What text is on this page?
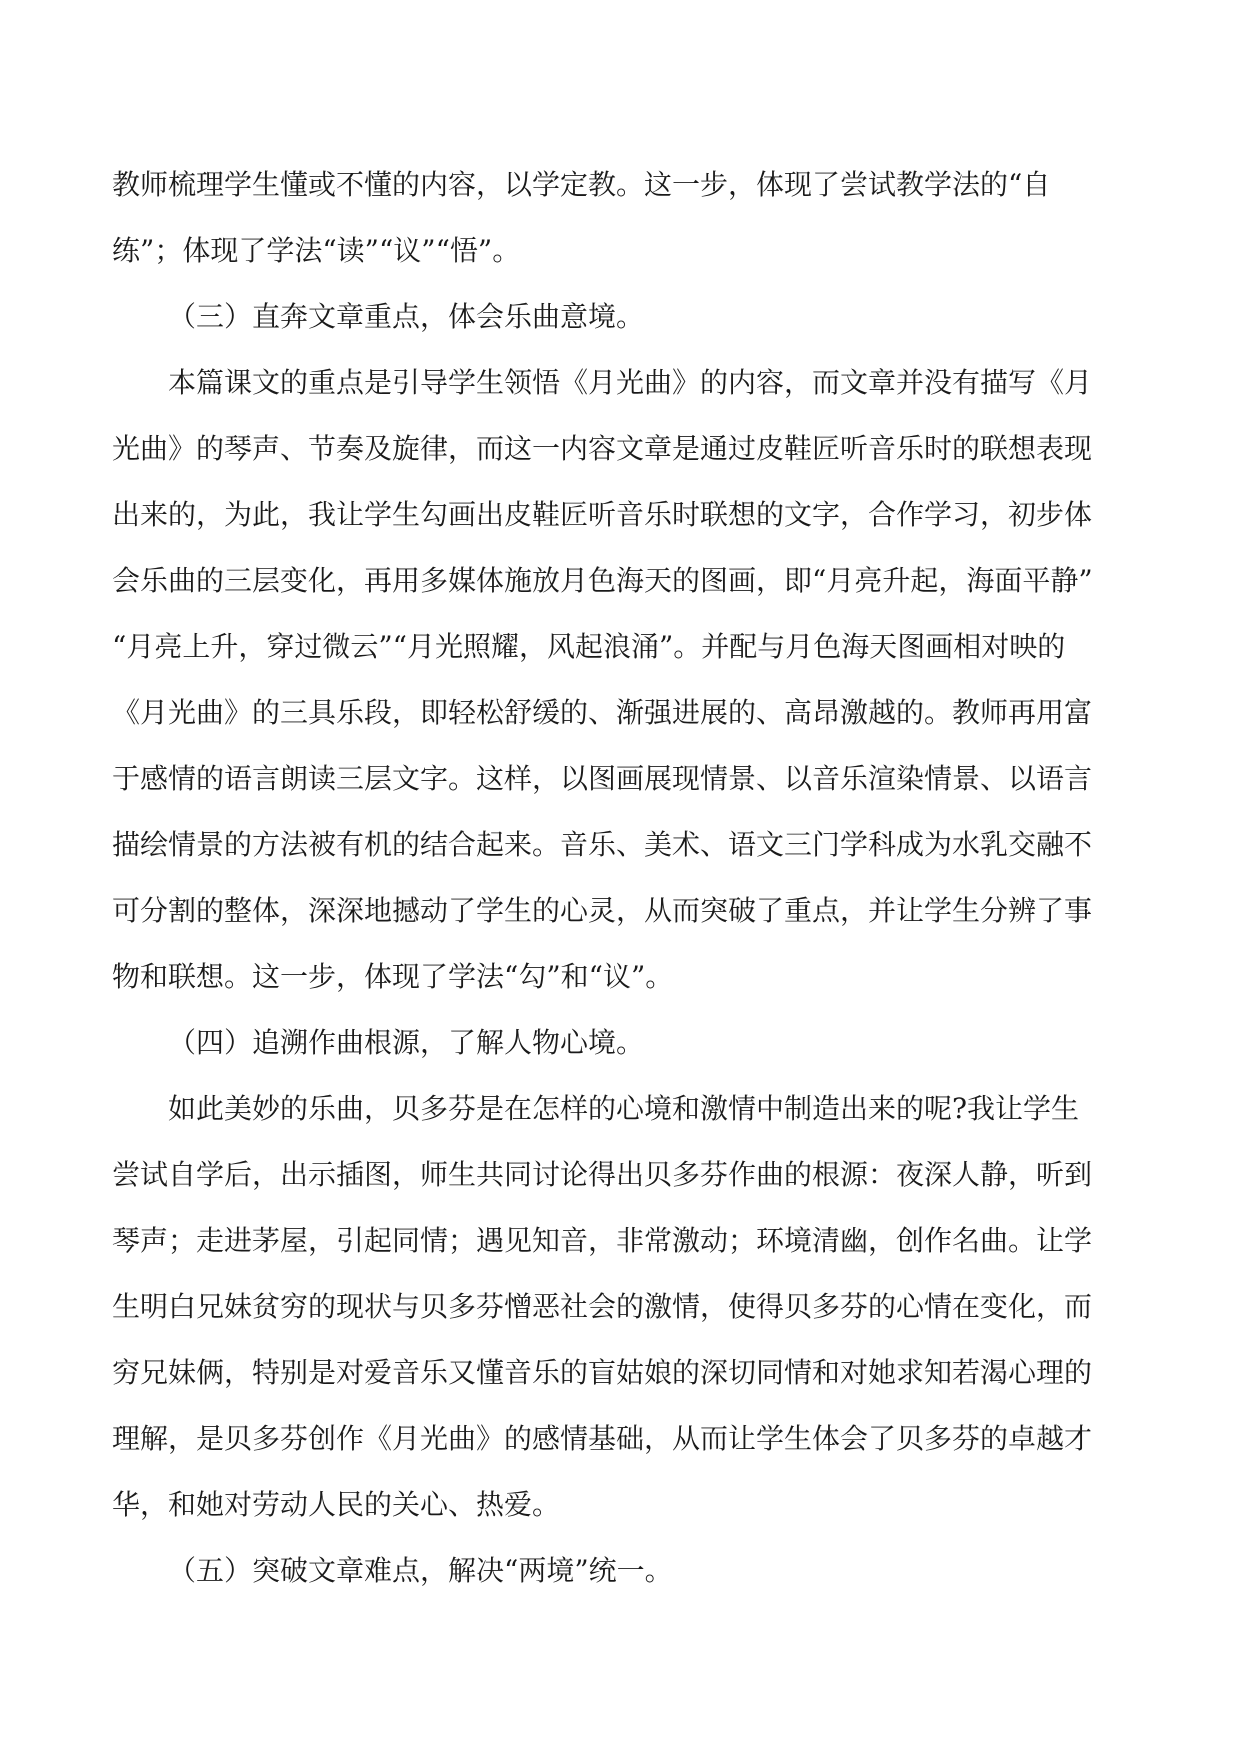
教师梳理学生懂或不懂的内容，以学定教。这一步，体现了尝试教学法的“自
练”；体现了学法“读”“议”“悟”。
（三）直奔文章重点，体会乐曲意境。
本篇课文的重点是引导学生领悟《月光曲》的内容，而文章并没有描写《月
光曲》的琴声、节奏及旋律，而这一内容文章是通过皮鞋匠听音乐时的联想表现
出来的，为此，我让学生勾画出皮鞋匠听音乐时联想的文字，合作学习，初步体
会乐曲的三层变化，再用多媒体施放月色海天的图画，即“月亮升起，海面平静”
“月亮上升，穿过微云”“月光照耀，风起浪涌”。并配与月色海天图画相对映的
《月光曲》的三具乐段，即轻松舒缓的、渐强进展的、高昂激越的。教师再用富
于感情的语言朗读三层文字。这样，以图画展现情景、以音乐渲染情景、以语言
描绘情景的方法被有机的结合起来。音乐、美术、语文三门学科成为水乳交融不
可分割的整体，深深地撼动了学生的心灵，从而突破了重点，并让学生分辨了事
物和联想。这一步，体现了学法“勾”和“议”。
（四）追溯作曲根源，了解人物心境。
如此美妙的乐曲，贝多芬是在怎样的心境和激情中制造出来的呢?我让学生
尝试自学后，出示插图，师生共同讨论得出贝多芬作曲的根源：夜深人静，听到
琴声；走进茅屋，引起同情；遇见知音，非常激动；环境清幽，创作名曲。让学
生明白兄妹贫穷的现状与贝多芬憎恶社会的激情，使得贝多芬的心情在变化，而
穷兄妹俩，特别是对爱音乐又懂音乐的盲姑娘的深切同情和对她求知若渴心理的
理解，是贝多芬创作《月光曲》的感情基础，从而让学生体会了贝多芬的卓越才
华，和她对劳动人民的关心、热爱。
（五）突破文章难点，解决“两境”统一。
